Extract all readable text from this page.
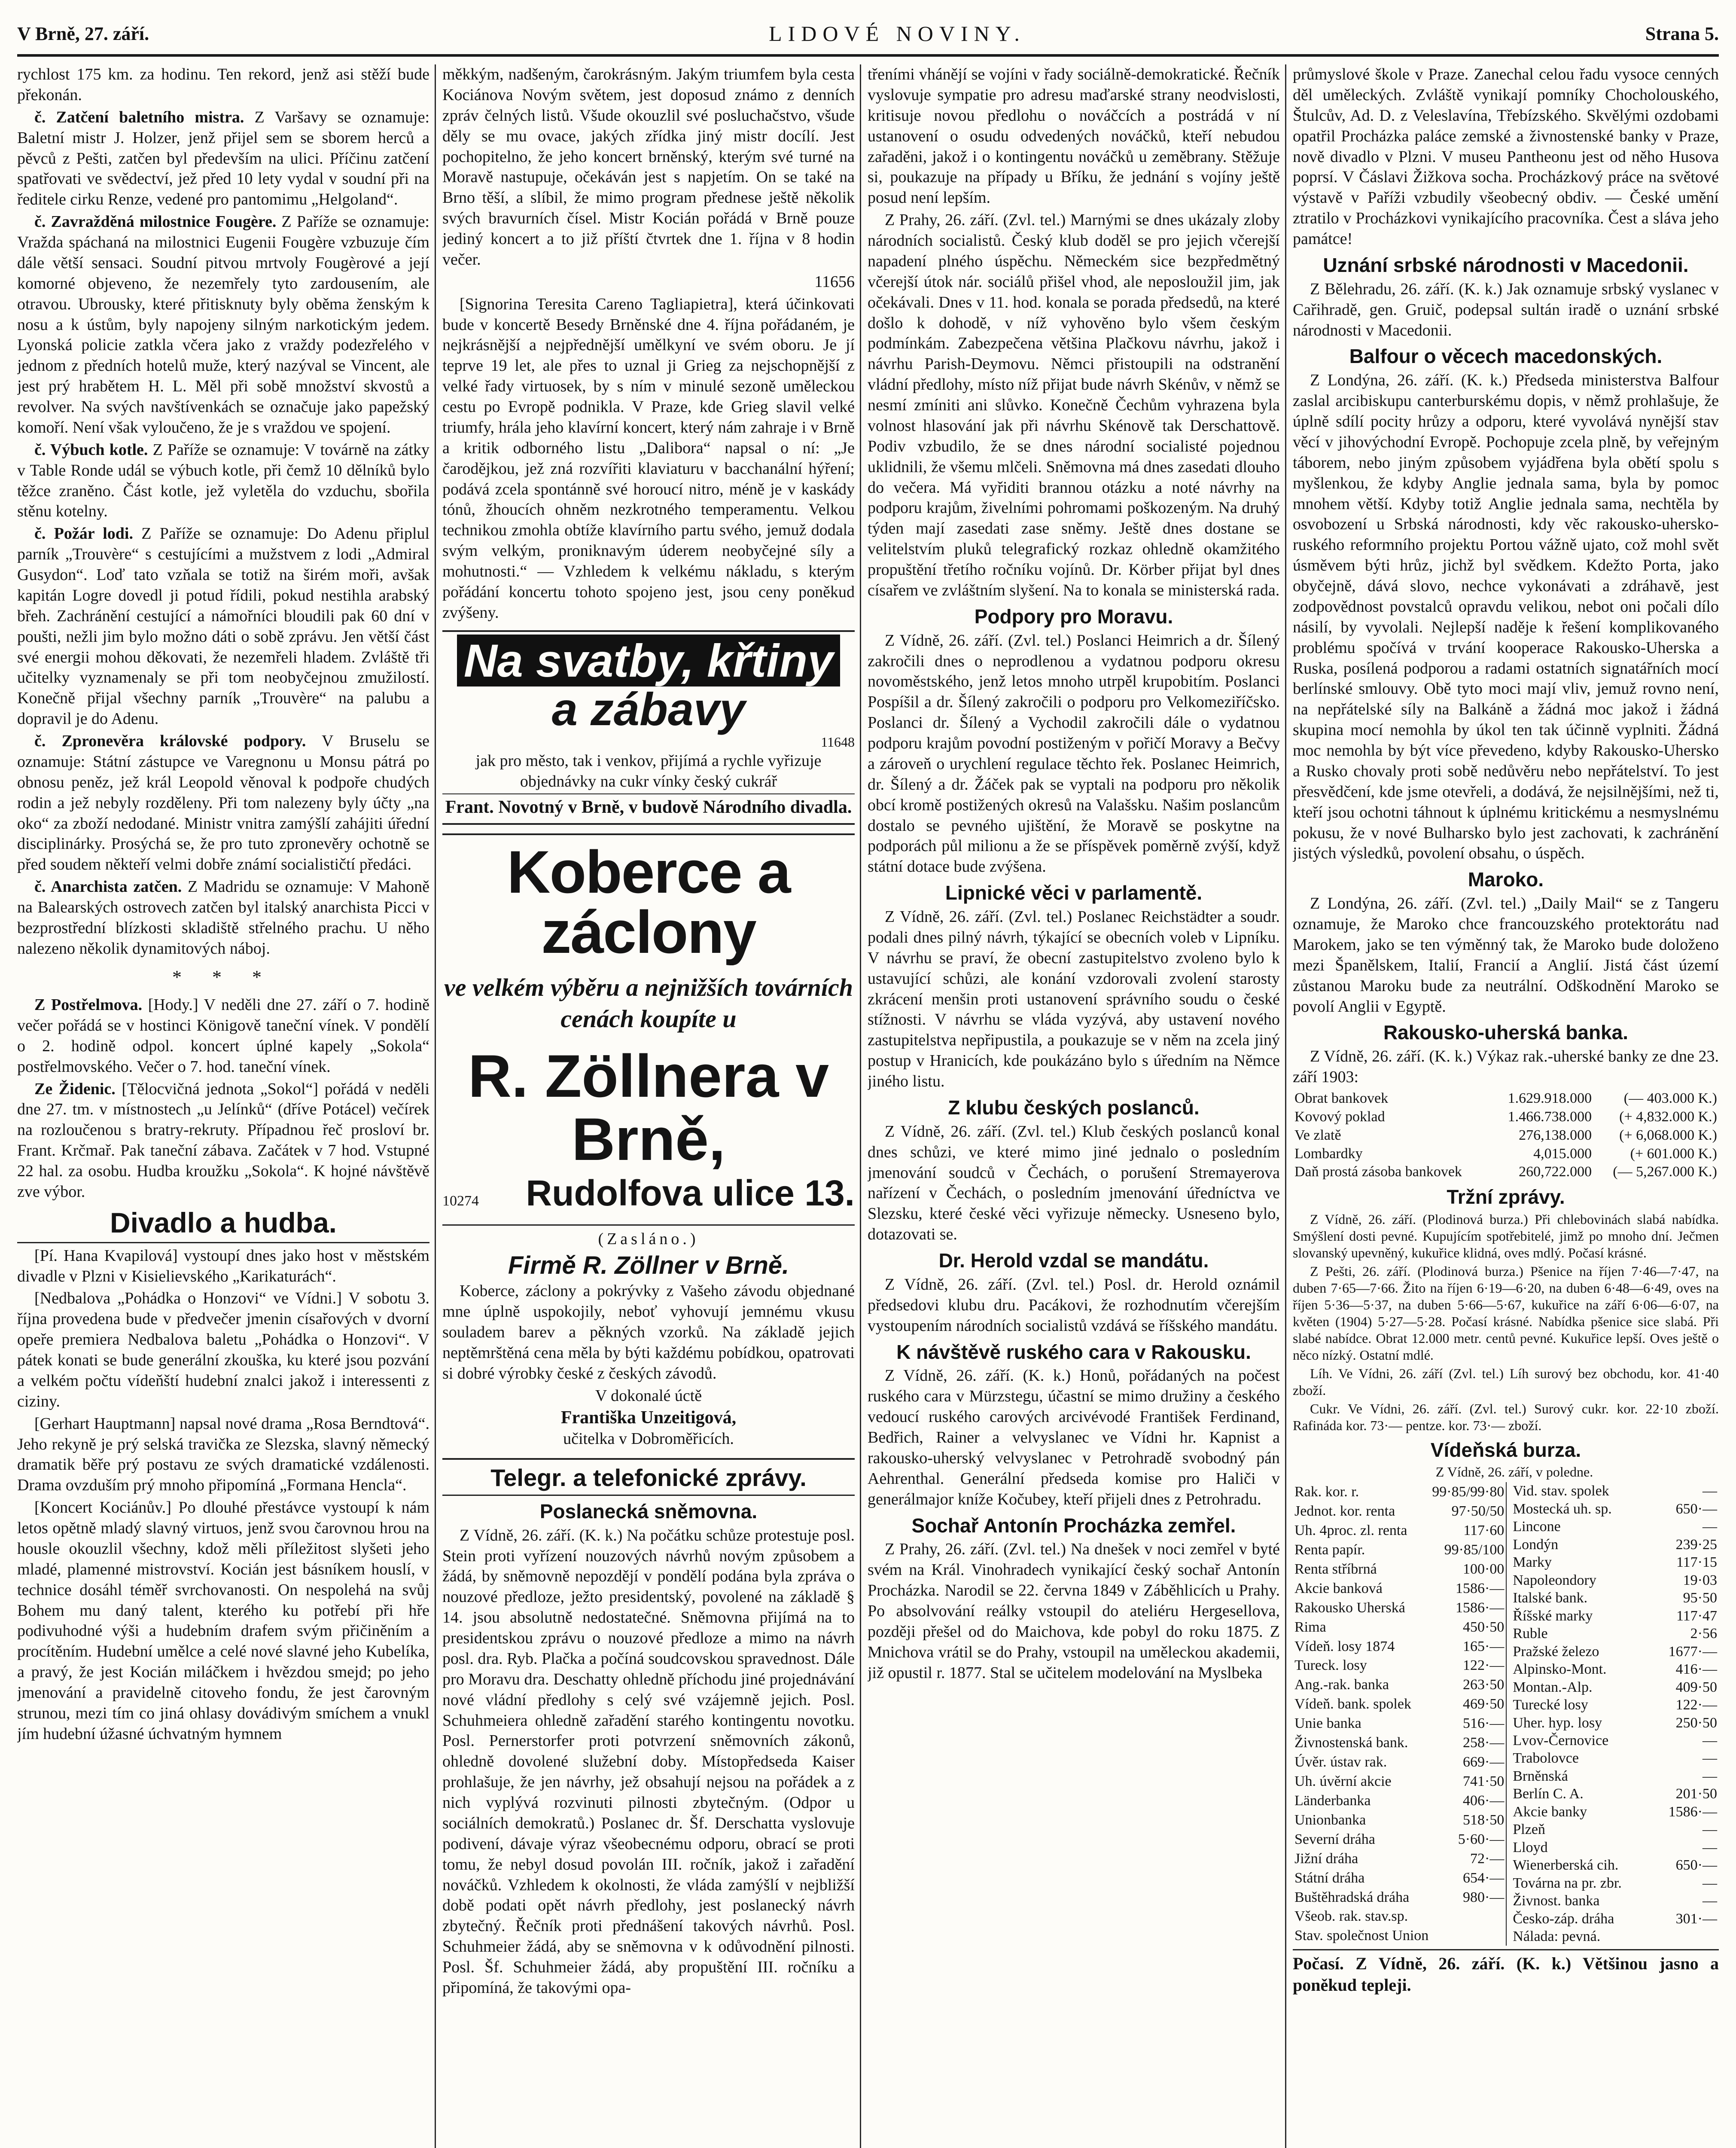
V Brně, 27. září.	LIDOVÉ NOVINY.	Strana 5.

rychlost 175 km. za hodinu. Ten rekord, jenž asi stěží bude překonán.

č. Zatčení baletního mistra. Z Varšavy se oznamuje: Baletní mistr J. Holzer, jenž přijel sem se sborem herců a pěvců z Pešti, zatčen byl především na ulici. Příčinu zatčení spatřovati ve svědectví, jež před 10 lety vydal v soudní při na ředitele cirku Renze, vedené pro pantomimu „Helgoland“.

č. Zavražděná milostnice Fougère. Z Paříže se oznamuje: Vražda spáchaná na milostnici Eugenii Fougère vzbuzuje čím dále větší sensaci. Soudní pitvou mrtvoly Fougèrové a její komorné objeveno, že nezemřely tyto zardousením, ale otravou. Ubrousky, které přitisknuty byly oběma ženským k nosu a k ústům, byly napojeny silným narkotickým jedem. Lyonská policie zatkla včera jako z vraždy podezřelého v jednom z předních hotelů muže, který nazýval se Vincent, ale jest prý hrabětem H. L. Měl při sobě množství skvostů a revolver. Na svých navštívenkách se označuje jako papežský komoří. Není však vyloučeno, že je s vraždou ve spojení.

č. Výbuch kotle. Z Paříže se oznamuje: V továrně na zátky v Table Ronde udál se výbuch kotle, při čemž 10 dělníků bylo těžce zraněno. Část kotle, jež vyletěla do vzduchu, sbořila stěnu kotelny.

č. Požár lodi. Z Paříže se oznamuje: Do Adenu připlul parník „Trouvère“ s cestujícími a mužstvem z lodi „Admiral Gusydon“. Loď tato vzňala se totiž na širém moři, avšak kapitán Logre dovedl ji potud řídili, pokud nestihla arabský břeh. Zachránění cestující a námořníci bloudili pak 60 dní v poušti, nežli jim bylo možno dáti o sobě zprávu. Jen větší část své energii mohou děkovati, že nezemřeli hladem. Zvláště tři učitelky vyznamenaly se při tom neobyčejnou zmužilostí. Konečně přijal všechny parník „Trouvère“ na palubu a dopravil je do Adenu.

č. Zpronevěra královské podpory. V Bruselu se oznamuje: Státní zástupce ve Varegnonu u Monsu pátrá po obnosu peněz, jež král Leopold věnoval k podpoře chudých rodin a jež nebyly rozděleny. Při tom nalezeny byly účty „na oko“ za zboží nedodané. Ministr vnitra zamýšlí zahájiti úřední disciplinárky. Prosýchá se, že pro tuto zpronevěry ochotně se před soudem někteří velmi dobře známí socialističtí předáci.

č. Anarchista zatčen. Z Madridu se oznamuje: V Mahoně na Balearských ostrovech zatčen byl italský anarchista Picci v bezprostřední blízkosti skladiště střelného prachu. U něho nalezeno několik dynamitových náboj.

* * *

Z Postřelmova. [Hody.] V neděli dne 27. září o 7. hodině večer pořádá se v hostinci Königově taneční vínek. V pondělí o 2. hodině odpol. koncert úplné kapely „Sokola“ postřelmovského. Večer o 7. hod. taneční vínek.

Ze Židenic. [Tělocvičná jednota „Sokol“] pořádá v neděli dne 27. tm. v místnostech „u Jelínků“ (dříve Potácel) večírek na rozloučenou s bratry-rekruty. Případnou řeč prosloví br. Frant. Krčmař. Pak taneční zábava. Začátek v 7 hod. Vstupné 22 hal. za osobu. Hudba kroužku „Sokola“. K hojné návštěvě zve výbor.

Divadlo a hudba.

[Pí. Hana Kvapilová] vystoupí dnes jako host v městském divadle v Plzni v Kisielievského „Karikaturách“.

[Nedbalova „Pohádka o Honzovi“ ve Vídni.] V sobotu 3. října provedena bude v předvečer jmenin císařových v dvorní opeře premiera Nedbalova baletu „Pohádka o Honzovi“. V pátek konati se bude generální zkouška, ku které jsou pozvání a velkém počtu vídeňští hudební znalci jakož i interessenti z ciziny.

[Gerhart Hauptmann] napsal nové drama „Rosa Berndtová“. Jeho rekyně je prý selská travička ze Slezska, slavný německý dramatik běře prý postavu ze svých dramatické vzdálenosti. Drama ovzduším prý mnoho připomíná „Formana Henclа“.

[Koncert Kociánův.] Po dlouhé přestávce vystoupí k nám letos opětně mladý slavný virtuos, jenž svou čarovnou hrou na housle okouzlil všechny, kdož měli příležitost slyšeti jeho mladé, plamenné mistrovství. Kocián jest básníkem houslí, v technice dosáhl téměř svrchovanosti. On nespolehá na svůj Bohem mu daný talent, kterého ku potřebí při hře podivuhodné výši a hudebním drafem svým přičiněním a procítěním. Hudební umělce a celé nové slavné jeho Kubelíka, a pravý, že jest Kocián miláčkem i hvězdou smejd; po jeho jmenování a pravidelně citoveho fondu, že jest čarovným strunou, mezi tím co jiná ohlasy dovádivým smíchem a vnukl jím hudební úžasné úchvatným hymnem

měkkým, nadšeným, čarokrásným. Jakým triumfem byla cesta Kociánova Novým světem, jest doposud známo z denních zpráv čelných listů. Všude okouzlil své posluchačstvo, všude děly se mu ovace, jakých zřídka jiný mistr docílí. Jest pochopitelno, že jeho koncert brněnský, kterým své turné na Moravě nastupuje, očekáván jest s napjetím. On se také na Brno těší, a slíbil, že mimo program přednese ještě několik svých bravurních čísel. Mistr Kocián pořádá v Brně pouze jediný koncert a to již příští čtvrtek dne 1. října v 8 hodin večer.

11656

[Signorina Teresita Careno Tagliapietra], která účinkovati bude v koncertě Besedy Brněnské dne 4. října pořádaném, je nejkrásnější a nejpřednější umělkyní ve svém oboru. Je jí teprve 19 let, ale přes to uznal ji Grieg za nejschopnější z velké řady virtuosek, by s ním v minulé sezoně uměleckou cestu po Evropě podnikla. V Praze, kde Grieg slavil velké triumfy, hrála jeho klavírní koncert, který nám zahraje i v Brně a kritik odborného listu „Dalibora“ napsal o ní: „Je čarodějkou, jež zná rozvířiti klaviaturu v bacchanální hýření; podává zcela spontánně své horoucí nitro, méně je v kaskády tónů, žhoucích ohněm nezkrotného temperamentu. Velkou technikou zmohla obtíže klavírního partu svého, jemuž dodala svým velkým, proniknavým úderem neobyčejné síly a mohutnosti.“ — Vzhledem k velkému nákladu, s kterým pořádání koncertu tohoto spojeno jest, jsou ceny poněkud zvýšeny.

Na svatby, křtiny
a zábavy
11648

jak pro město, tak i venkov, přijímá a rychle vyřizuje objednávky na cukr vínky český cukrář

Frant. Novotný v Brně, v budově Národního divadla.
Koberce a záclony
ve velkém výběru a nejnižších továrních cenách koupíte u
R. Zöllnera v Brně,
10274 Rudolfova ulice 13.
(Zasláno.)
Firmě R. Zöllner v Brně.

Koberce, záclony a pokrývky z Vašeho závodu objednané mne úplně uspokojily, neboť vyhovují jemnému vkusu souladem barev a pěkných vzorků. Na základě jejich neptěmrštěná cena měla by býti každému pobídkou, opatrovati si dobré výrobky české z českých závodů.

V dokonalé úctě
Františka Unzeitigová,
učitelka v Dobroměřicích.
Telegr. a telefonické zprávy.
Poslanecká sněmovna.

Z Vídně, 26. září. (K. k.) Na počátku schůze protestuje posl. Stein proti vyřízení nouzových návrhů novým způsobem a žádá, by sněmovně nepozdějí v pondělí podána byla zpráva o nouzové předloze, ježto presidentský, povolené na základě § 14. jsou absolutně nedostatečné. Sněmovna přijímá na to presidentskou zprávu o nouzové předloze a mimo na návrh posl. dra. Ryb. Plačka a počíná soudcovskou spravednost. Dále pro Moravu dra. Deschatty ohledně příchodu jiné projednávání nové vládní předlohy s celý své vzájemně jejich. Posl. Schuhmeiera ohledně zařadění starého kontingentu novotku. Posl. Pernerstorfer proti potvrzení sněmovních zákonů, ohledně dovolené služební doby. Místopředseda Kaiser prohlašuje, že jen návrhy, jež obsahují nejsou na pořádek a z nich vyplývá rozvinuti pilnosti zbytečným. (Odpor u sociálních demokratů.) Poslanec dr. Šf. Derschatta vyslovuje podivení, dávaje výraz všeobecnému odporu, obrací se proti tomu, že nebyl dosud povolán III. ročník, jakož i zařadění nováčků. Vzhledem k okolnosti, že vláda zamýšlí v nejbližší době podati opět návrh předlohy, jest poslanecký návrh zbytečný. Řečník proti přednášení takových návrhů. Posl. Schuhmeier žádá, aby se sněmovna v k odůvodnění pilnosti. Posl. Šf. Schuhmeier žádá, aby propuštění III. ročníku a připomíná, že takovými opa-

třeními vhánějí se vojíni v řady sociálně-demokratické. Řečník vyslovuje sympatie pro adresu maďarské strany neodvislosti, kritisuje novou předlohu o nováčcích a postrádá v ní ustanovení o osudu odvedených nováčků, kteří nebudou zařaděni, jakož i o kontingentu nováčků u zeměbrany. Stěžuje si, poukazuje na případy u Bříku, že jednání s vojíny ještě posud není lepším.

Z Prahy, 26. září. (Zvl. tel.) Marnými se dnes ukázaly zloby národních socialistů. Český klub doděl se pro jejich včerejší napadení plného úspěchu. Německém sice bezpředmětný včerejší útok nár. sociálů přišel vhod, ale neposloužil jim, jak očekávali. Dnes v 11. hod. konala se porada předsedů, na které došlo k dohodě, v níž vyhověno bylo všem českým podmínkám. Zabezpečena většina Plačkovu návrhu, jakož i návrhu Parish-Deymovu. Němci přistoupili na odstranění vládní předlohy, místo níž přijat bude návrh Skénův, v němž se nesmí zmíniti ani slůvko. Konečně Čechům vyhrazena byla volnost hlasování jak při návrhu Skénově tak Derschattově. Podiv vzbudilo, že se dnes národní socialisté pojednou uklidnili, že všemu mlčeli. Sněmovna má dnes zasedati dlouho do večera. Má vyřiditi brannou otázku a noté návrhy na podporu krajům, živelními pohromami poškozeným. Na druhý týden mají zasedati zase sněmy. Ještě dnes dostane se velitelstvím pluků telegrafický rozkaz ohledně okamžitého propuštění třetího ročníku vojínů. Dr. Körber přijat byl dnes císařem ve zvláštním slyšení. Na to konala se ministerská rada.

Podpory pro Moravu.

Z Vídně, 26. září. (Zvl. tel.) Poslanci Heimrich a dr. Šílený zakročili dnes o neprodlenou a vydatnou podporu okresu novoměstského, jenž letos mnoho utrpěl krupobitím. Poslanci Pospíšil a dr. Šílený zakročili o podporu pro Velkomeziříčsko. Poslanci dr. Šílený a Vychodil zakročili dále o vydatnou podporu krajům povodní postiženým v pořičí Moravy a Bečvy a zároveň o urychlení regulace těchto řek. Poslanec Heimrich, dr. Šílený a dr. Žáček pak se vyptali na podporu pro několik obcí kromě postižených okresů na Valašsku. Našim poslancům dostalo se pevného ujištění, že Moravě se poskytne na podporách půl milionu a že se příspěvek poměrně zvýší, když státní dotace bude zvýšena.

Lipnické věci v parlamentě.

Z Vídně, 26. září. (Zvl. tel.) Poslanec Reichstädter a soudr. podali dnes pilný návrh, týkající se obecních voleb v Lipníku. V návrhu se praví, že obecní zastupitelstvo zvoleno bylo k ustavující schůzi, ale konání vzdorovali zvolení starosty zkrácení menšin proti ustanovení správního soudu o české stížnosti. V návrhu se vláda vyzývá, aby ustavení nového zastupitelstva nepřipustila, a poukazuje se v něm na zcela jiný postup v Hranicích, kde poukázáno bylo s úředním na Němce jiného listu.

Z klubu českých poslanců.

Z Vídně, 26. září. (Zvl. tel.) Klub českých poslanců konal dnes schůzi, ve které mimo jiné jednalo o posledním jmenování soudců v Čechách, o porušení Stremayerova nařízení v Čechách, o posledním jmenování úředníctva ve Slezsku, které české věci vyřizuje německy. Usneseno bylo, dotazovati se.

Dr. Herold vzdal se mandátu.

Z Vídně, 26. září. (Zvl. tel.) Posl. dr. Herold oznámil předsedovi klubu dru. Pacákovi, že rozhodnutím včerejším vystoupením národních socialistů vzdává se říšského mandátu.

K návštěvě ruského cara v Rakousku.

Z Vídně, 26. září. (K. k.) Honů, pořádaných na počest ruského cara v Mürzstegu, účastní se mimo družiny a českého vedoucí ruského carových arcivévodé František Ferdinand, Bedřich, Rainer a velvyslanec ve Vídni hr. Kapnist a rakousko-uherský velvyslanec v Petrohradě svobodný pán Aehrenthal. Generální předseda komise pro Haliči v generálmajor kníže Kočubey, kteří přijeli dnes z Petrohradu.

Sochař Antonín Procházka zemřel.

Z Prahy, 26. září. (Zvl. tel.) Na dnešek v noci zemřel v byté svém na Král. Vinohradech vynikající český sochař Antonín Procházka. Narodil se 22. června 1849 v Záběhlicích u Prahy. Po absolvování reálky vstoupil do ateliéru Hergesellova, později přešel od do Maichova, kde pobyl do roku 1875. Z Mnichova vrátil se do Prahy, vstoupil na uměleckou akademii, již opustil r. 1877. Stal se učitelem modelování na Myslbeka

průmyslové škole v Praze. Zanechal celou řadu vysoce cenných děl uměleckých. Zvláště vynikají pomníky Chocholouského, Štulcův, Ad. D. z Veleslavína, Třebízského. Skvělými ozdobami opatřil Procházka paláce zemské a živnostenské banky v Praze, nově divadlo v Plzni. V museu Pantheonu jest od něho Husova poprsí. V Čáslavi Žižkova socha. Procházkový prácе na světové výstavě v Paříži vzbudily všeobecný obdiv. — České umění ztratilo v Procházkovi vynikajícího pracovníka. Čest a sláva jeho památce!

Uznání srbské národnosti v Macedonii.

Z Bělehradu, 26. září. (K. k.) Jak oznamuje srbský vyslanec v Cařihradě, gen. Gruič, podepsal sultán iradě o uznání srbské národnosti v Macedonii.

Balfour o věcech macedonských.

Z Londýna, 26. září. (K. k.) Předseda ministerstva Balfour zaslal arcibiskupu canterburskému dopis, v němž prohlašuje, že úplně sdílí pocity hrůzy a odporu, které vyvolává nynější stav věcí v jihovýchodní Evropě. Pochopuje zcela plně, by veřejným táborem, nebo jiným způsobem vyjádřena byla obětí spolu s myšlenkou, že kdyby Anglie jednala sama, byla by pomoc mnohem větší. Kdyby totiž Anglie jednala sama, nechtěla by osvobození u Srbská národnosti, kdy věc rakousko-uhersko-ruského reformního projektu Portou vážně ujato, což mohl svět úsměvem býti hrůz, jichž byl svědkem. Kdežto Porta, jako obyčejně, dává slovo, nechce vykonávati a zdráhavě, jest zodpovědnost povstalců opravdu velikou, nebot oni počali dílo násilí, by vyvolali. Nejlepší naděje k řešení komplikovaného problému spočívá v trvání kooperace Rakousko-Uherska a Ruska, posílená podporou a radami ostatních signatářních mocí berlínské smlouvy. Obě tyto moci mají vliv, jemuž rovno není, na nepřátelské síly na Balkáně a žádná moc jakož i žádná skupina mocí nemohla by úkol ten tak účinně vyplniti. Žádná moc nemohla by být více převedeno, kdyby Rakousko-Uhersko a Rusko chovaly proti sobě nedůvěru nebo nepřátelství. To jest přesvědčení, kde jsme otevřeli, a dodává, že nejsilnějšími, než ti, kteří jsou ochotni táhnout k úplnému kritickému a nesmyslnému pokusu, že v nové Bulharsko bylo jest zachovati, k zachránění jistých výsledků, povolení obsahu, o úspěch.

Maroko.

Z Londýna, 26. září. (Zvl. tel.) „Daily Mail“ se z Tangeru oznamuje, že Maroko chce francouzského protektorátu nad Marokem, jako se ten výměnný tak, že Maroko bude doloženo mezi Španělskem, Italií, Francií a Anglií. Jistá část území zůstanou Maroku bude za neutrální. Odškodnění Maroko se povolí Anglii v Egyptě.

Rakousko-uherská banka.

Z Vídně, 26. září. (K. k.) Výkaz rak.-uherské banky ze dne 23. září 1903:

Obrat bankovek	1.629.918.000	(— 403.000 K.)
Kovový poklad	1.466.738.000	(+ 4,832.000 K.)
Ve zlatě	276,138.000	(+ 6,068.000 K.)
Lombardky	4,015.000	(+ 601.000 K.)
Daň prostá zásoba bankovek	260,722.000	(— 5,267.000 K.)
Tržní zprávy.

Z Vídně, 26. září. (Plodinová burza.) Při chlebovinách slabá nabídka. Smýšlení dosti pevné. Kupujícím spotřebitelé, jimž po mnoho dní. Ječmen slovanský upevněný, kukuřice klidná, oves mdlý. Počasí krásné.

Z Pešti, 26. září. (Plodinová burza.) Pšenice na říjen 7·46—7·47, na duben 7·65—7·66. Žito na říjen 6·19—6·20, na duben 6·48—6·49, oves na říjen 5·36—5·37, na duben 5·66—5·67, kukuřice na září 6·06—6·07, na květen (1904) 5·27—5·28. Počasí krásné. Nabídka pšenice sice slabá. Při slabé nabídce. Obrat 12.000 metr. centů pevné. Kukuřice lepší. Oves ještě o něco nízký. Ostatní mdlé.

Líh. Ve Vídni, 26. září (Zvl. tel.) Líh surový bez obchodu, kor. 41·40 zboží.

Cukr. Ve Vídni, 26. září. (Zvl. tel.) Surový cukr. kor. 22·10 zboží. Rafináda kor. 73·— pentze. kor. 73·— zboží.

Vídeňská burza.

Z Vídně, 26. září, v poledne.

Rak. kor. r.	99·85/99·80
Jednot. kor. renta	97·50/50
Uh. 4proc. zl. renta	117·60
Renta papír.	99·85/100
Renta stříbrná	100·00
Akcie banková	1586·—
Rakousko Uherská	1586·—
Rima	450·50
Vídeň. losy 1874	165·—
Tureck. losy	122·—
Ang.-rak. banka	263·50
Vídeň. bank. spolek	469·50
Unie banka	516·—
Živnostenská bank.	258·—
Úvěr. ústav rak.	669·—
Uh. úvěrní akcie	741·50
Länderbanka	406·—
Unionbanka	518·50
Severní dráha	5·60·—
Jižní dráha	72·—
Státní dráha	654·—
Buštěhradská dráha	980·—
Všeob. rak. stav.sp.	
Stav. společnost Union	
Vid. stav. spolek	—
Mostecká uh. sp.	650·—
Lincone	—
Londýn	239·25
Marky	117·15
Napoleondory	19·03
Italské bank.	95·50
Říšské marky	117·47
Ruble	2·56
Pražské železo	1677·—
Alpinsko-Mont.	416·—
Montan.-Alp.	409·50
Turecké losy	122·—
Uher. hyp. losy	250·50
Lvov-Černovice	—
Trabolovce	—
Brněnská	—
Berlín C. A.	201·50
Akcie banky	1586·—
Plzeň	—
Lloyd	—
Wienerberská cih.	650·—
Továrna na pr. zbr.	—
Živnost. banka	—
Česko-záp. dráha	301·—
Nálada: pevná.	
Počasí. Z Vídně, 26. září. (K. k.) Většinou jasno a poněkud tepleji.
